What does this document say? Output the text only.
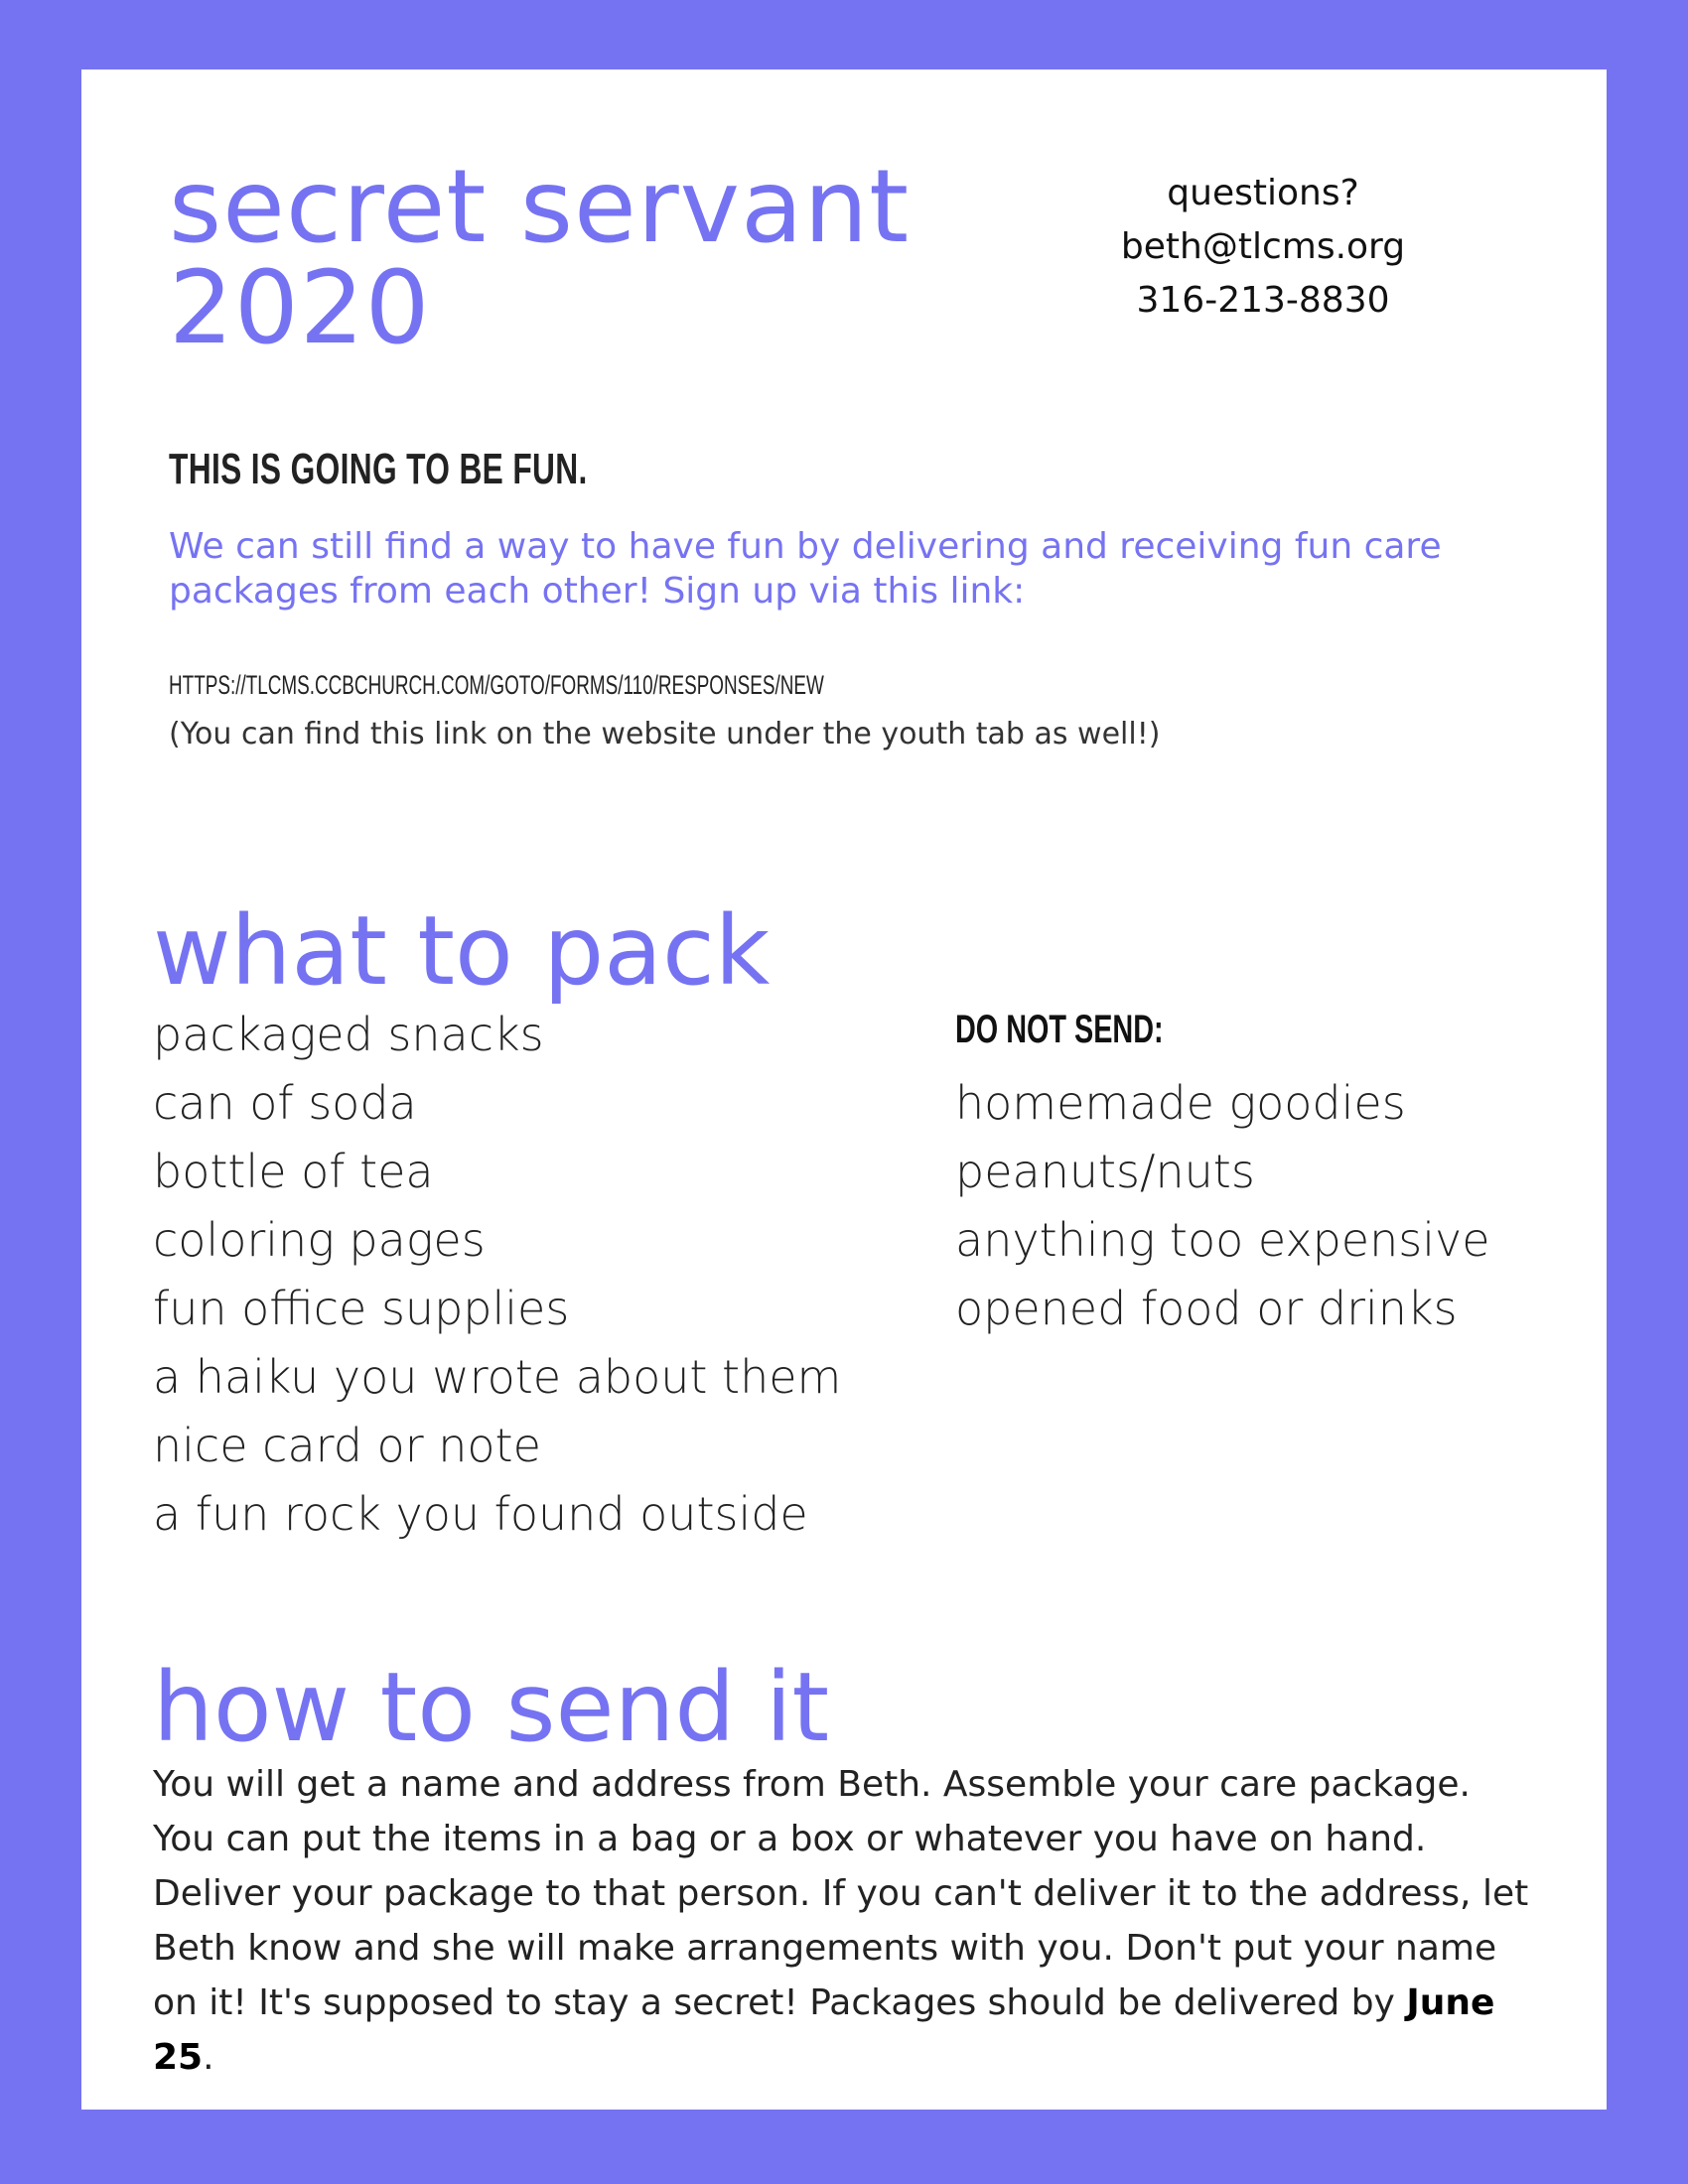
secret servant
2020
questions?
beth@tlcms.org
316-213-8830
THIS IS GOING TO BE FUN.

We can still find a way to have fun by delivering and receiving fun care packages from each other! Sign up via this link:

HTTPS://TLCMS.CCBCHURCH.COM/GOTO/FORMS/110/RESPONSES/NEW

(You can find this link on the website under the youth tab as well!)

what to pack
packaged snacks
can of soda
bottle of tea
coloring pages
fun office supplies
a haiku you wrote about them
nice card or note
a fun rock you found outside
DO NOT SEND:
homemade goodies
peanuts/nuts
anything too expensive
opened food or drinks
how to send it

You will get a name and address from Beth. Assemble your care package. You can put the items in a bag or a box or whatever you have on hand. Deliver your package to that person. If you can't deliver it to the address, let Beth know and she will make arrangements with you. Don't put your name on it! It's supposed to stay a secret! Packages should be delivered by June 25.
